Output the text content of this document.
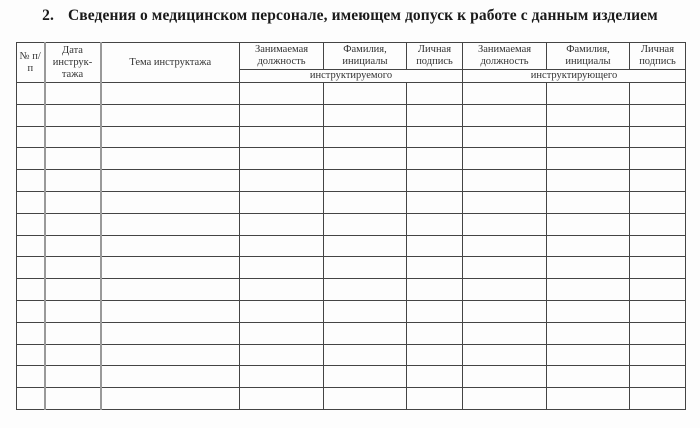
2. Сведения о медицинском персонале, имеющем допуск к работе с данным изделием
№ п/п	Дата инструк-тажа	Тема инструктажа	Занимаемая должность	Фамилия, инициалы	Личная подпись	Занимаемая должность	Фамилия, инициалы	Личная подпись
			инструктируемого			инструктирующего		
